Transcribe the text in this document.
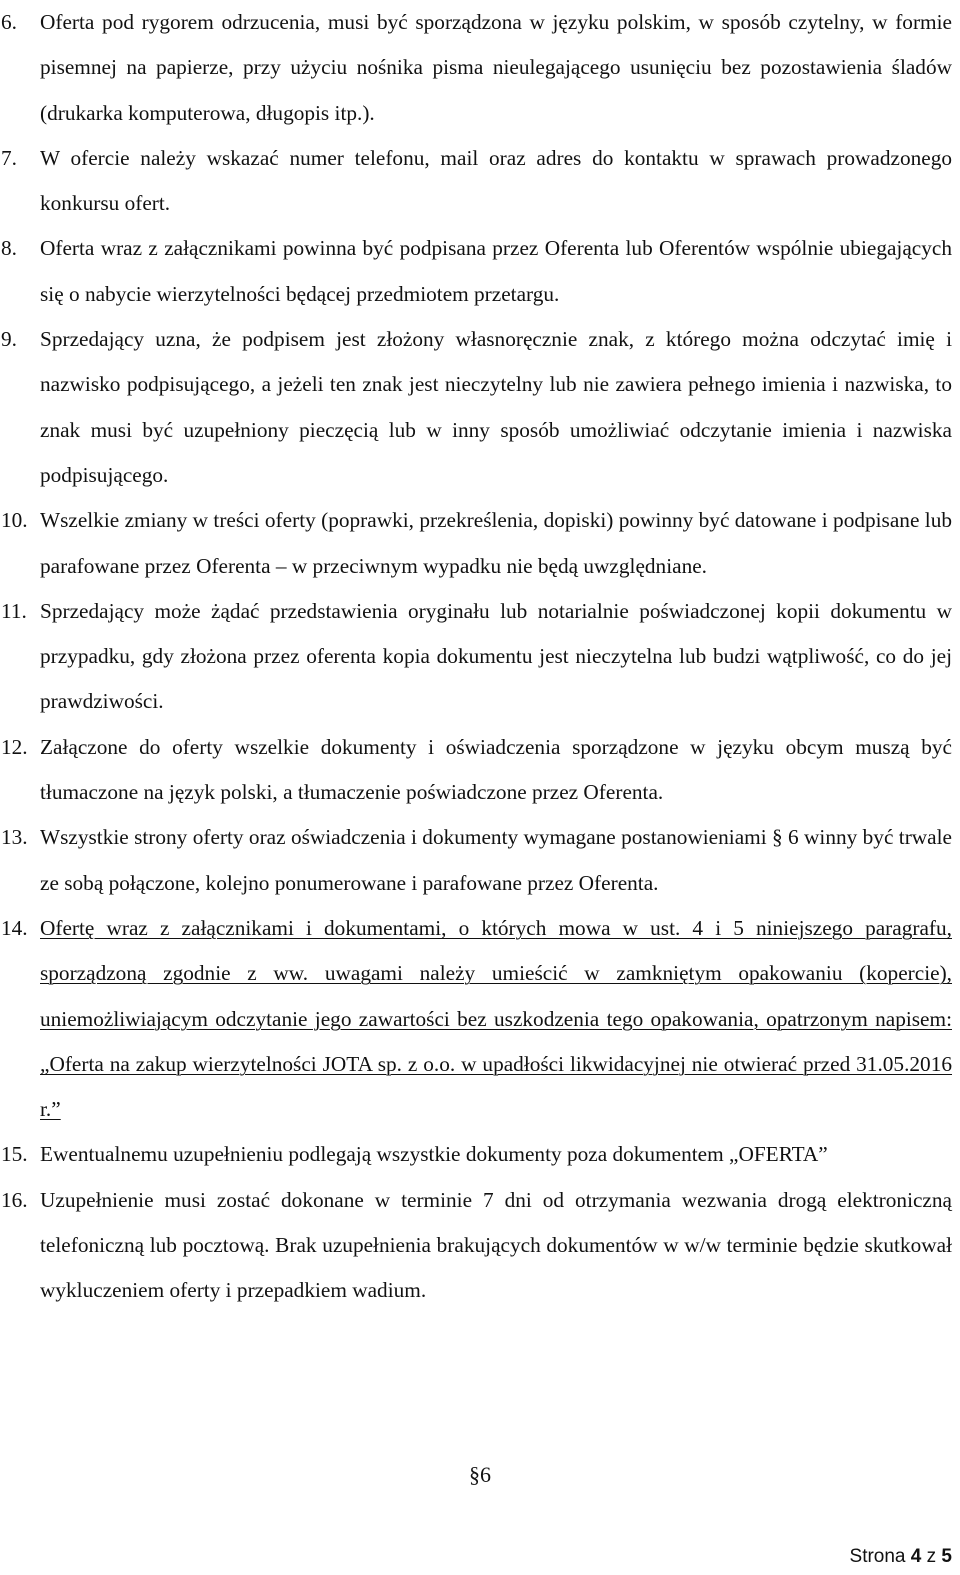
6. Oferta pod rygorem odrzucenia, musi być sporządzona w języku polskim, w sposób czytelny, w formie pisemnej na papierze, przy użyciu nośnika pisma nieulegającego usunięciu bez pozostawienia śladów (drukarka komputerowa, długopis itp.).
7. W ofercie należy wskazać numer telefonu, mail oraz adres do kontaktu w sprawach prowadzonego konkursu ofert.
8. Oferta wraz z załącznikami powinna być podpisana przez Oferenta lub Oferentów wspólnie ubiegających się o nabycie wierzytelności będącej przedmiotem przetargu.
9. Sprzedający uzna, że podpisem jest złożony własnoręcznie znak, z którego można odczytać imię i nazwisko podpisującego, a jeżeli ten znak jest nieczytelny lub nie zawiera pełnego imienia i nazwiska, to znak musi być uzupełniony pieczęcią lub w inny sposób umożliwiać odczytanie imienia i nazwiska podpisującego.
10. Wszelkie zmiany w treści oferty (poprawki, przekreślenia, dopiski) powinny być datowane i podpisane lub parafowane przez Oferenta – w przeciwnym wypadku nie będą uwzględniane.
11. Sprzedający może żądać przedstawienia oryginału lub notarialnie poświadczonej kopii dokumentu w przypadku, gdy złożona przez oferenta kopia dokumentu jest nieczytelna lub budzi wątpliwość, co do jej prawdziwości.
12. Załączone do oferty wszelkie dokumenty i oświadczenia sporządzone w języku obcym muszą być tłumaczone na język polski, a tłumaczenie poświadczone przez Oferenta.
13. Wszystkie strony oferty oraz oświadczenia i dokumenty wymagane postanowieniami § 6 winny być trwale ze sobą połączone, kolejno ponumerowane i parafowane przez Oferenta.
14. Ofertę wraz z załącznikami i dokumentami, o których mowa w ust. 4 i 5 niniejszego paragrafu, sporządzoną zgodnie z ww. uwagami należy umieścić w zamkniętym opakowaniu (kopercie), uniemożliwiającym odczytanie jego zawartości bez uszkodzenia tego opakowania, opatrzonym napisem: „Oferta na zakup wierzytelności JOTA sp. z o.o. w upadłości likwidacyjnej nie otwierać przed 31.05.2016 r.”
15. Ewentualnemu uzupełnieniu podlegają wszystkie dokumenty poza dokumentem „OFERTA”
16. Uzupełnienie musi zostać dokonane w terminie 7 dni od otrzymania wezwania drogą elektroniczną telefoniczną lub pocztową. Brak uzupełnienia brakujących dokumentów w w/w terminie będzie skutkował wykluczeniem oferty i przepadkiem wadium.
§6
Strona 4 z 5
